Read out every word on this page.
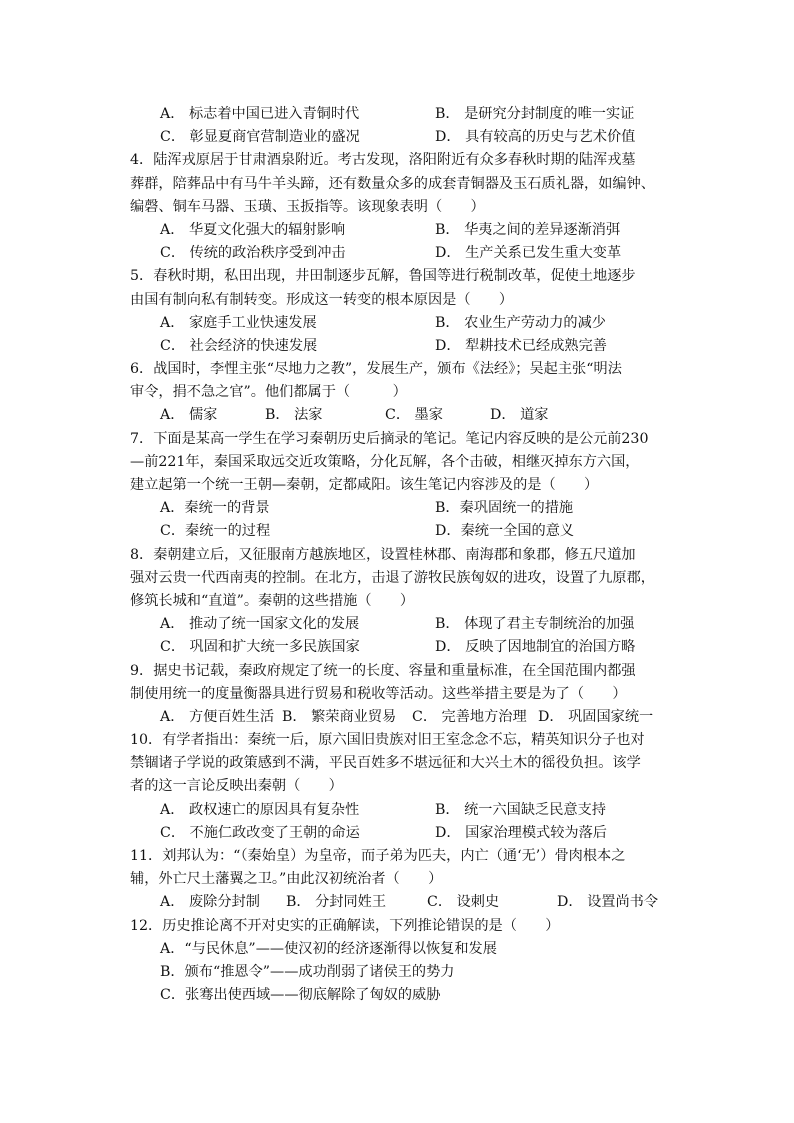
A． 标志着中国已进入青铜时代	B． 是研究分封制度的唯一实证
C． 彰显夏商官营制造业的盛况	D． 具有较高的历史与艺术价值
4．陆浑戎原居于甘肃酒泉附近。考古发现，洛阳附近有众多春秋时期的陆浑戎墓
葬群，陪葬品中有马牛羊头蹄，还有数量众多的成套青铜器及玉石质礼器，如编钟、
编磬、铜车马器、玉璜、玉扳指等。该现象表明（　　）
A． 华夏文化强大的辐射影响	B． 华夷之间的差异逐渐消弭
C． 传统的政治秩序受到冲击	D． 生产关系已发生重大变革
5．春秋时期，私田出现，井田制逐步瓦解，鲁国等进行税制改革，促使土地逐步
由国有制向私有制转变。形成这一转变的根本原因是（　　）
A． 家庭手工业快速发展	B． 农业生产劳动力的减少
C． 社会经济的快速发展	D． 犁耕技术已经成熟完善
6．战国时，李悝主张“尽地力之教”，发展生产，颁布《法经》；吴起主张“明法
审令，捐不急之官”。他们都属于（　　　）
A． 儒家	B． 法家	C． 墨家	D． 道家
7．下面是某高一学生在学习秦朝历史后摘录的笔记。笔记内容反映的是公元前230
—前221年，秦国采取远交近攻策略，分化瓦解，各个击破，相继灭掉东方六国，
建立起第一个统一王朝—秦朝，定都咸阳。该生笔记内容涉及的是（　　）
A．秦统一的背景	B．秦巩固统一的措施
C．秦统一的过程	D．秦统一全国的意义
8．秦朝建立后，又征服南方越族地区，设置桂林郡、南海郡和象郡，修五尺道加
强对云贵一代西南夷的控制。在北方，击退了游牧民族匈奴的进攻，设置了九原郡，
修筑长城和“直道”。秦朝的这些措施（　　）
A． 推动了统一国家文化的发展	B． 体现了君主专制统治的加强
C． 巩固和扩大统一多民族国家	D． 反映了因地制宜的治国方略
9．据史书记载，秦政府规定了统一的长度、容量和重量标准，在全国范围内都强
制使用统一的度量衡器具进行贸易和税收等活动。这些举措主要是为了（　　）
A． 方便百姓生活 B． 繁荣商业贸易 C． 完善地方治理 D． 巩固国家统一
10．有学者指出：秦统一后，原六国旧贵族对旧王室念念不忘，精英知识分子也对
禁锢诸子学说的政策感到不满，平民百姓多不堪远征和大兴土木的徭役负担。该学
者的这一言论反映出秦朝（　　）
A． 政权速亡的原因具有复杂性	B． 统一六国缺乏民意支持
C． 不施仁政改变了王朝的命运	D． 国家治理模式较为落后
11．刘邦认为：“（秦始皇）为皇帝，而子弟为匹夫，内亡（通‘无’）骨肉根本之
辅，外亡尺土藩翼之卫。”由此汉初统治者（　　）
A． 废除分封制 B． 分封同姓王	C． 设刺史	D． 设置尚书令
12．历史推论离不开对史实的正确解读，下列推论错误的是（　　）
A．“与民休息”——使汉初的经济逐渐得以恢复和发展
B．颁布“推恩令”——成功削弱了诸侯王的势力
C．张骞出使西域——彻底解除了匈奴的威胁
